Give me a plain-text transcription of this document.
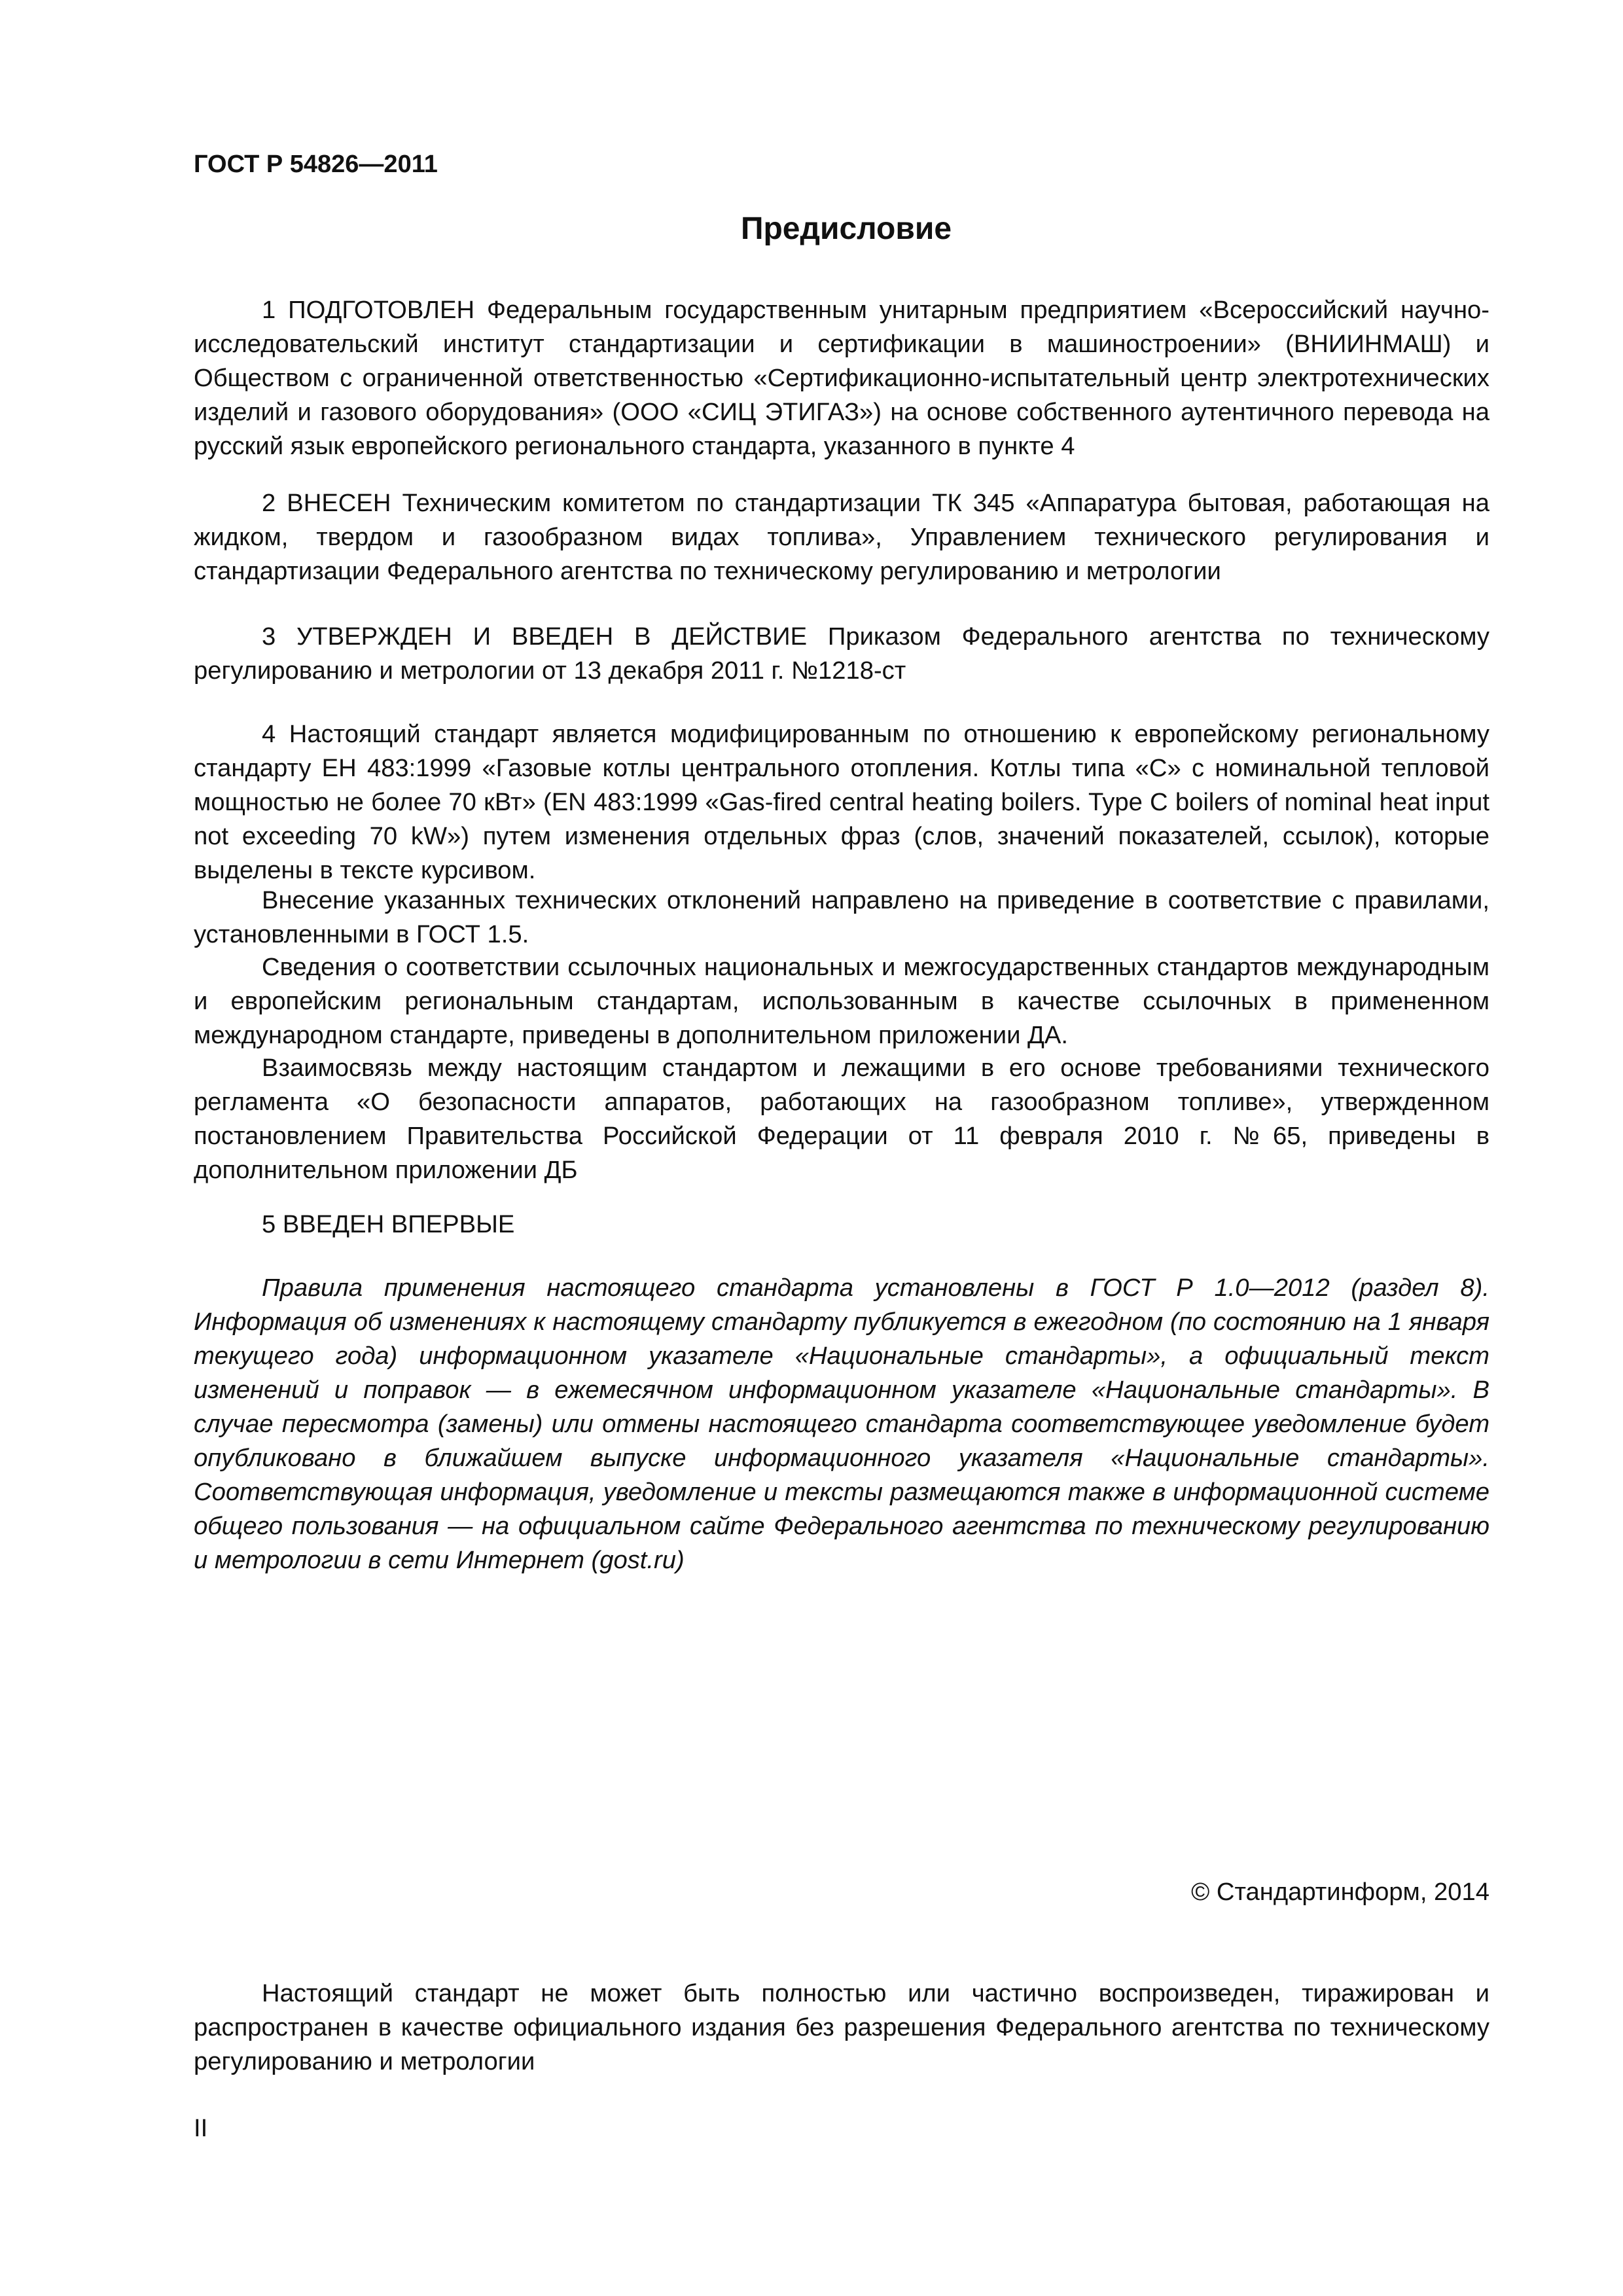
ГОСТ Р 54826—2011
Предисловие

1 ПОДГОТОВЛЕН Федеральным государственным унитарным предприятием «Всероссийский научно-исследовательский институт стандартизации и сертификации в машиностроении» (ВНИИНМАШ) и Обществом с ограниченной ответственностью «Сертификационно-испытательный центр электротехнических изделий и газового оборудования» (ООО «СИЦ ЭТИГАЗ») на основе собственного аутентичного перевода на русский язык европейского регионального стандарта, указанного в пункте 4

2 ВНЕСЕН Техническим комитетом по стандартизации ТК 345 «Аппаратура бытовая, работающая на жидком, твердом и газообразном видах топлива», Управлением технического регулирования и стандартизации Федерального агентства по техническому регулированию и метрологии

3 УТВЕРЖДЕН И ВВЕДЕН В ДЕЙСТВИЕ Приказом Федерального агентства по техническому регулированию и метрологии от 13 декабря 2011 г. №1218-ст

4 Настоящий стандарт является модифицированным по отношению к европейскому региональному стандарту ЕН 483:1999 «Газовые котлы центрального отопления. Котлы типа «С» с номинальной тепловой мощностью не более 70 кВт» (EN 483:1999 «Gas-fired central heating boilers. Type C boilers of nominal heat input not exceeding 70 kW») путем изменения отдельных фраз (слов, значений показателей, ссылок), которые выделены в тексте курсивом.

Внесение указанных технических отклонений направлено на приведение в соответствие с правилами, установленными в ГОСТ 1.5.

Сведения о соответствии ссылочных национальных и межгосударственных стандартов международным и европейским региональным стандартам, использованным в качестве ссылочных в примененном международном стандарте, приведены в дополнительном приложении ДА.

Взаимосвязь между настоящим стандартом и лежащими в его основе требованиями технического регламента «О безопасности аппаратов, работающих на газообразном топливе», утвержденном постановлением Правительства Российской Федерации от 11 февраля 2010 г. №65, приведены в дополнительном приложении ДБ

5 ВВЕДЕН ВПЕРВЫЕ

Правила применения настоящего стандарта установлены в ГОСТ Р 1.0—2012 (раздел 8). Информация об изменениях к настоящему стандарту публикуется в ежегодном (по состоянию на 1 января текущего года) информационном указателе «Национальные стандарты», а официальный текст изменений и поправок — в ежемесячном информационном указателе «Национальные стандарты». В случае пересмотра (замены) или отмены настоящего стандарта соответствующее уведомление будет опубликовано в ближайшем выпуске информационного указателя «Национальные стандарты». Соответствующая информация, уведомление и тексты размещаются также в информационной системе общего пользования — на официальном сайте Федерального агентства по техническому регулированию и метрологии в сети Интернет (gost.ru)

© Стандартинформ, 2014

Настоящий стандарт не может быть полностью или частично воспроизведен, тиражирован и распространен в качестве официального издания без разрешения Федерального агентства по техническому регулированию и метрологии

II
